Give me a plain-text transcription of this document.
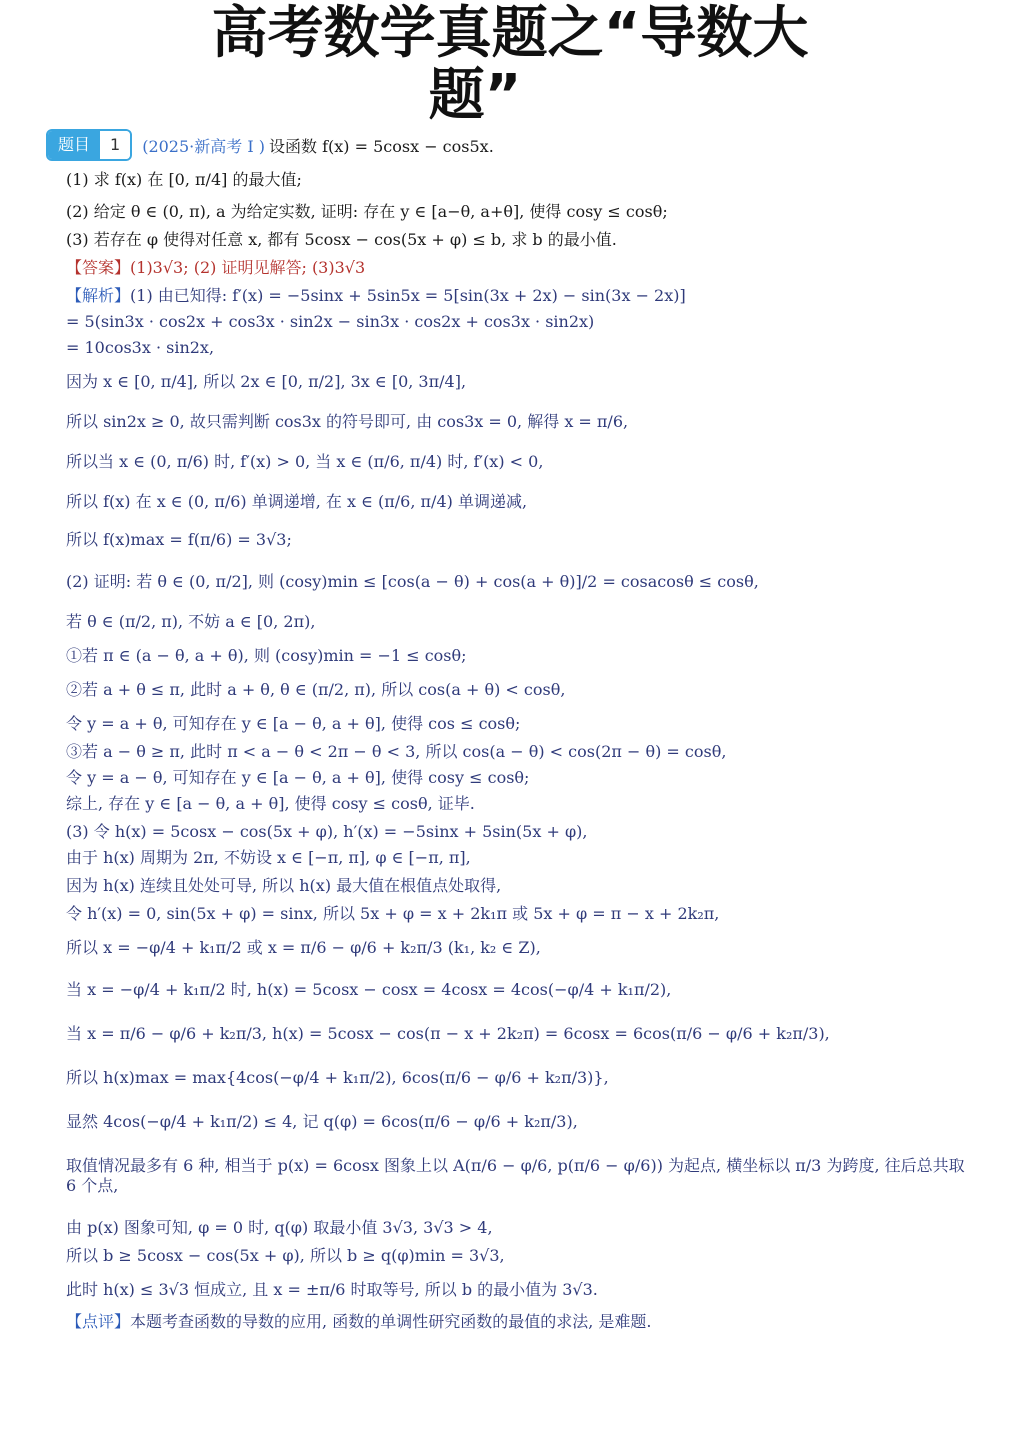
高考数学真题之“导数大
题”
题目	1	(2025·新高考 I ) 设函数 f(x) = 5cosx − cos5x.
(1) 求 f(x) 在 [0, π/4] 的最大值;
(2) 给定 θ ∈ (0, π), a 为给定实数, 证明: 存在 y ∈ [a−θ, a+θ], 使得 cosy ≤ cosθ;
(3) 若存在 φ 使得对任意 x, 都有 5cosx − cos(5x + φ) ≤ b, 求 b 的最小值.
【答案】(1)3√3; (2) 证明见解答; (3)3√3
【解析】(1) 由已知得: f′(x) = −5sinx + 5sin5x = 5[sin(3x + 2x) − sin(3x − 2x)]
= 5(sin3x · cos2x + cos3x · sin2x − sin3x · cos2x + cos3x · sin2x)
= 10cos3x · sin2x,
因为 x ∈ [0, π/4], 所以 2x ∈ [0, π/2], 3x ∈ [0, 3π/4],
所以 sin2x ≥ 0, 故只需判断 cos3x 的符号即可, 由 cos3x = 0, 解得 x = π/6,
所以当 x ∈ (0, π/6) 时, f′(x) > 0, 当 x ∈ (π/6, π/4) 时, f′(x) < 0,
所以 f(x) 在 x ∈ (0, π/6) 单调递增, 在 x ∈ (π/6, π/4) 单调递减,
所以 f(x)max = f(π/6) = 3√3;
(2) 证明: 若 θ ∈ (0, π/2], 则 (cosy)min ≤ [cos(a − θ) + cos(a + θ)]/2 = cosacosθ ≤ cosθ,
若 θ ∈ (π/2, π), 不妨 a ∈ [0, 2π),
①若 π ∈ (a − θ, a + θ), 则 (cosy)min = −1 ≤ cosθ;
②若 a + θ ≤ π, 此时 a + θ, θ ∈ (π/2, π), 所以 cos(a + θ) < cosθ,
令 y = a + θ, 可知存在 y ∈ [a − θ, a + θ], 使得 cos ≤ cosθ;
③若 a − θ ≥ π, 此时 π < a − θ < 2π − θ < 3, 所以 cos(a − θ) < cos(2π − θ) = cosθ,
令 y = a − θ, 可知存在 y ∈ [a − θ, a + θ], 使得 cosy ≤ cosθ;
综上, 存在 y ∈ [a − θ, a + θ], 使得 cosy ≤ cosθ, 证毕.
(3) 令 h(x) = 5cosx − cos(5x + φ), h′(x) = −5sinx + 5sin(5x + φ),
由于 h(x) 周期为 2π, 不妨设 x ∈ [−π, π], φ ∈ [−π, π],
因为 h(x) 连续且处处可导, 所以 h(x) 最大值在根值点处取得,
令 h′(x) = 0, sin(5x + φ) = sinx, 所以 5x + φ = x + 2k₁π 或 5x + φ = π − x + 2k₂π,
所以 x = −φ/4 + k₁π/2 或 x = π/6 − φ/6 + k₂π/3 (k₁, k₂ ∈ Z),
当 x = −φ/4 + k₁π/2 时, h(x) = 5cosx − cosx = 4cosx = 4cos(−φ/4 + k₁π/2),
当 x = π/6 − φ/6 + k₂π/3, h(x) = 5cosx − cos(π − x + 2k₂π) = 6cosx = 6cos(π/6 − φ/6 + k₂π/3),
所以 h(x)max = max{4cos(−φ/4 + k₁π/2), 6cos(π/6 − φ/6 + k₂π/3)},
显然 4cos(−φ/4 + k₁π/2) ≤ 4, 记 q(φ) = 6cos(π/6 − φ/6 + k₂π/3),
取值情况最多有 6 种, 相当于 p(x) = 6cosx 图象上以 A(π/6 − φ/6, p(π/6 − φ/6)) 为起点, 横坐标以 π/3 为跨度, 往后总共取 6 个点,
由 p(x) 图象可知, φ = 0 时, q(φ) 取最小值 3√3, 3√3 > 4,
所以 b ≥ 5cosx − cos(5x + φ), 所以 b ≥ q(φ)min = 3√3,
此时 h(x) ≤ 3√3 恒成立, 且 x = ±π/6 时取等号, 所以 b 的最小值为 3√3.
【点评】本题考查函数的导数的应用, 函数的单调性研究函数的最值的求法, 是难题.
